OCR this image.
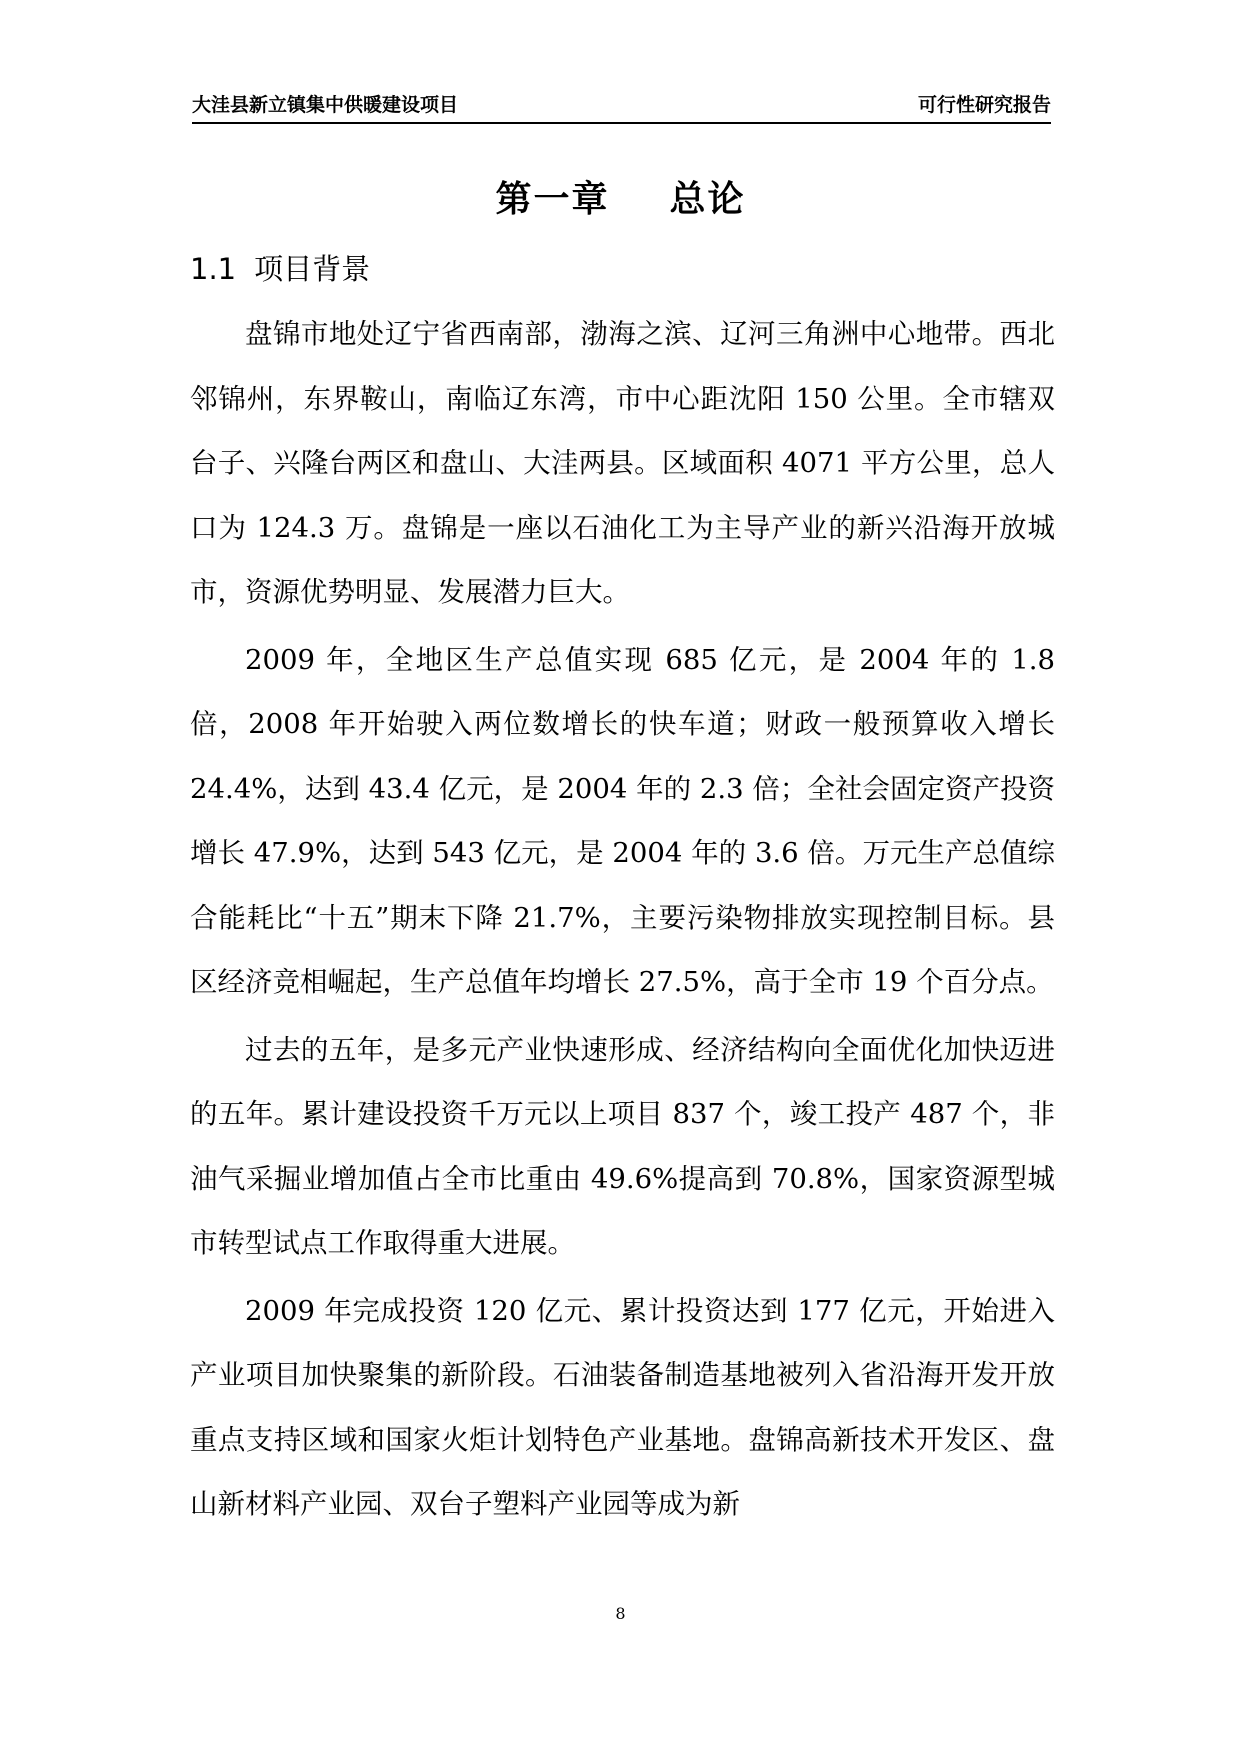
大洼县新立镇集中供暖建设项目	可行性研究报告
第一章 总论
1.1 项目背景

盘锦市地处辽宁省西南部，渤海之滨、辽河三角洲中心地带。西北邻锦州，东界鞍山，南临辽东湾，市中心距沈阳 150 公里。全市辖双台子、兴隆台两区和盘山、大洼两县。区域面积 4071 平方公里，总人口为 124.3 万。盘锦是一座以石油化工为主导产业的新兴沿海开放城市，资源优势明显、发展潜力巨大。

2009 年，全地区生产总值实现 685 亿元，是 2004 年的 1.8 倍，2008 年开始驶入两位数增长的快车道；财政一般预算收入增长 24.4%，达到 43.4 亿元，是 2004 年的 2.3 倍；全社会固定资产投资增长 47.9%，达到 543 亿元，是 2004 年的 3.6 倍。万元生产总值综合能耗比“十五”期末下降 21.7%，主要污染物排放实现控制目标。县区经济竞相崛起，生产总值年均增长 27.5%，高于全市 19 个百分点。

过去的五年，是多元产业快速形成、经济结构向全面优化加快迈进的五年。累计建设投资千万元以上项目 837 个，竣工投产 487 个，非油气采掘业增加值占全市比重由 49.6%提高到 70.8%，国家资源型城市转型试点工作取得重大进展。

2009 年完成投资 120 亿元、累计投资达到 177 亿元，开始进入产业项目加快聚集的新阶段。石油装备制造基地被列入省沿海开发开放重点支持区域和国家火炬计划特色产业基地。盘锦高新技术开发区、盘山新材料产业园、双台子塑料产业园等成为新

8
